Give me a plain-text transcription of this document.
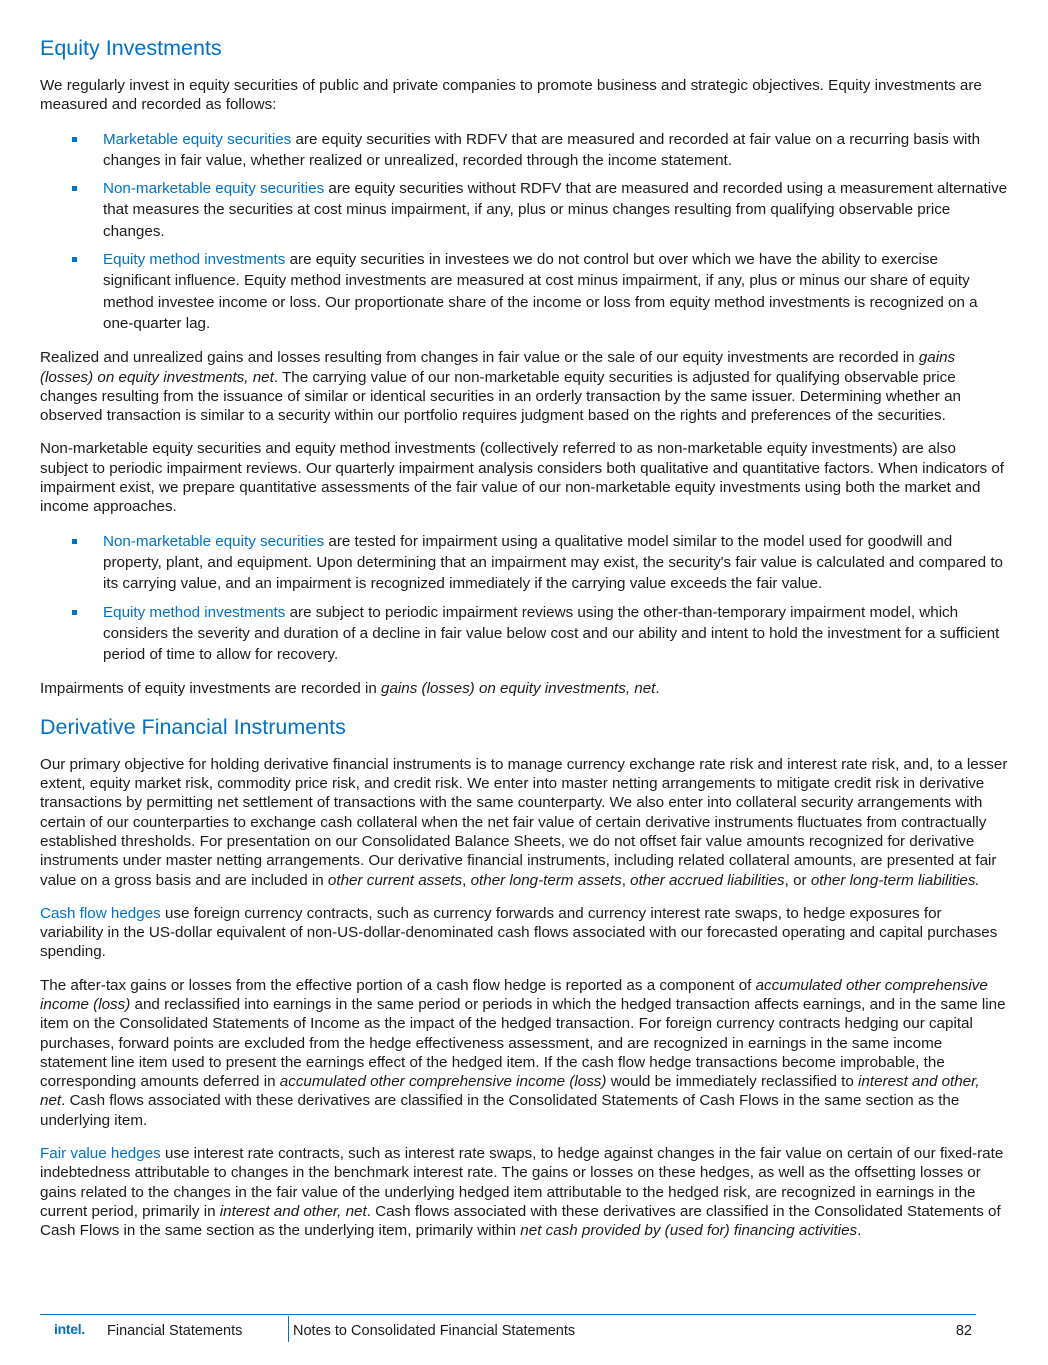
Equity Investments

We regularly invest in equity securities of public and private companies to promote business and strategic objectives. Equity investments are measured and recorded as follows:

Marketable equity securities are equity securities with RDFV that are measured and recorded at fair value on a recurring basis with changes in fair value, whether realized or unrealized, recorded through the income statement.
Non-marketable equity securities are equity securities without RDFV that are measured and recorded using a measurement alternative that measures the securities at cost minus impairment, if any, plus or minus changes resulting from qualifying observable price changes.
Equity method investments are equity securities in investees we do not control but over which we have the ability to exercise significant influence. Equity method investments are measured at cost minus impairment, if any, plus or minus our share of equity method investee income or loss. Our proportionate share of the income or loss from equity method investments is recognized on a one-quarter lag.

Realized and unrealized gains and losses resulting from changes in fair value or the sale of our equity investments are recorded in gains (losses) on equity investments, net. The carrying value of our non-marketable equity securities is adjusted for qualifying observable price changes resulting from the issuance of similar or identical securities in an orderly transaction by the same issuer. Determining whether an observed transaction is similar to a security within our portfolio requires judgment based on the rights and preferences of the securities.

Non-marketable equity securities and equity method investments (collectively referred to as non-marketable equity investments) are also subject to periodic impairment reviews. Our quarterly impairment analysis considers both qualitative and quantitative factors. When indicators of impairment exist, we prepare quantitative assessments of the fair value of our non-marketable equity investments using both the market and income approaches.

Non-marketable equity securities are tested for impairment using a qualitative model similar to the model used for goodwill and property, plant, and equipment. Upon determining that an impairment may exist, the security's fair value is calculated and compared to its carrying value, and an impairment is recognized immediately if the carrying value exceeds the fair value.
Equity method investments are subject to periodic impairment reviews using the other-than-temporary impairment model, which considers the severity and duration of a decline in fair value below cost and our ability and intent to hold the investment for a sufficient period of time to allow for recovery.

Impairments of equity investments are recorded in gains (losses) on equity investments, net.

Derivative Financial Instruments

Our primary objective for holding derivative financial instruments is to manage currency exchange rate risk and interest rate risk, and, to a lesser extent, equity market risk, commodity price risk, and credit risk. We enter into master netting arrangements to mitigate credit risk in derivative transactions by permitting net settlement of transactions with the same counterparty. We also enter into collateral security arrangements with certain of our counterparties to exchange cash collateral when the net fair value of certain derivative instruments fluctuates from contractually established thresholds. For presentation on our Consolidated Balance Sheets, we do not offset fair value amounts recognized for derivative instruments under master netting arrangements. Our derivative financial instruments, including related collateral amounts, are presented at fair value on a gross basis and are included in other current assets, other long-term assets, other accrued liabilities, or other long-term liabilities.

Cash flow hedges use foreign currency contracts, such as currency forwards and currency interest rate swaps, to hedge exposures for variability in the US-dollar equivalent of non-US-dollar-denominated cash flows associated with our forecasted operating and capital purchases spending.

The after-tax gains or losses from the effective portion of a cash flow hedge is reported as a component of accumulated other comprehensive income (loss) and reclassified into earnings in the same period or periods in which the hedged transaction affects earnings, and in the same line item on the Consolidated Statements of Income as the impact of the hedged transaction. For foreign currency contracts hedging our capital purchases, forward points are excluded from the hedge effectiveness assessment, and are recognized in earnings in the same income statement line item used to present the earnings effect of the hedged item. If the cash flow hedge transactions become improbable, the corresponding amounts deferred in accumulated other comprehensive income (loss) would be immediately reclassified to interest and other, net. Cash flows associated with these derivatives are classified in the Consolidated Statements of Cash Flows in the same section as the underlying item.

Fair value hedges use interest rate contracts, such as interest rate swaps, to hedge against changes in the fair value on certain of our fixed-rate indebtedness attributable to changes in the benchmark interest rate. The gains or losses on these hedges, as well as the offsetting losses or gains related to the changes in the fair value of the underlying hedged item attributable to the hedged risk, are recognized in earnings in the current period, primarily in interest and other, net. Cash flows associated with these derivatives are classified in the Consolidated Statements of Cash Flows in the same section as the underlying item, primarily within net cash provided by (used for) financing activities.

intel. Financial Statements	Notes to Consolidated Financial Statements	82
